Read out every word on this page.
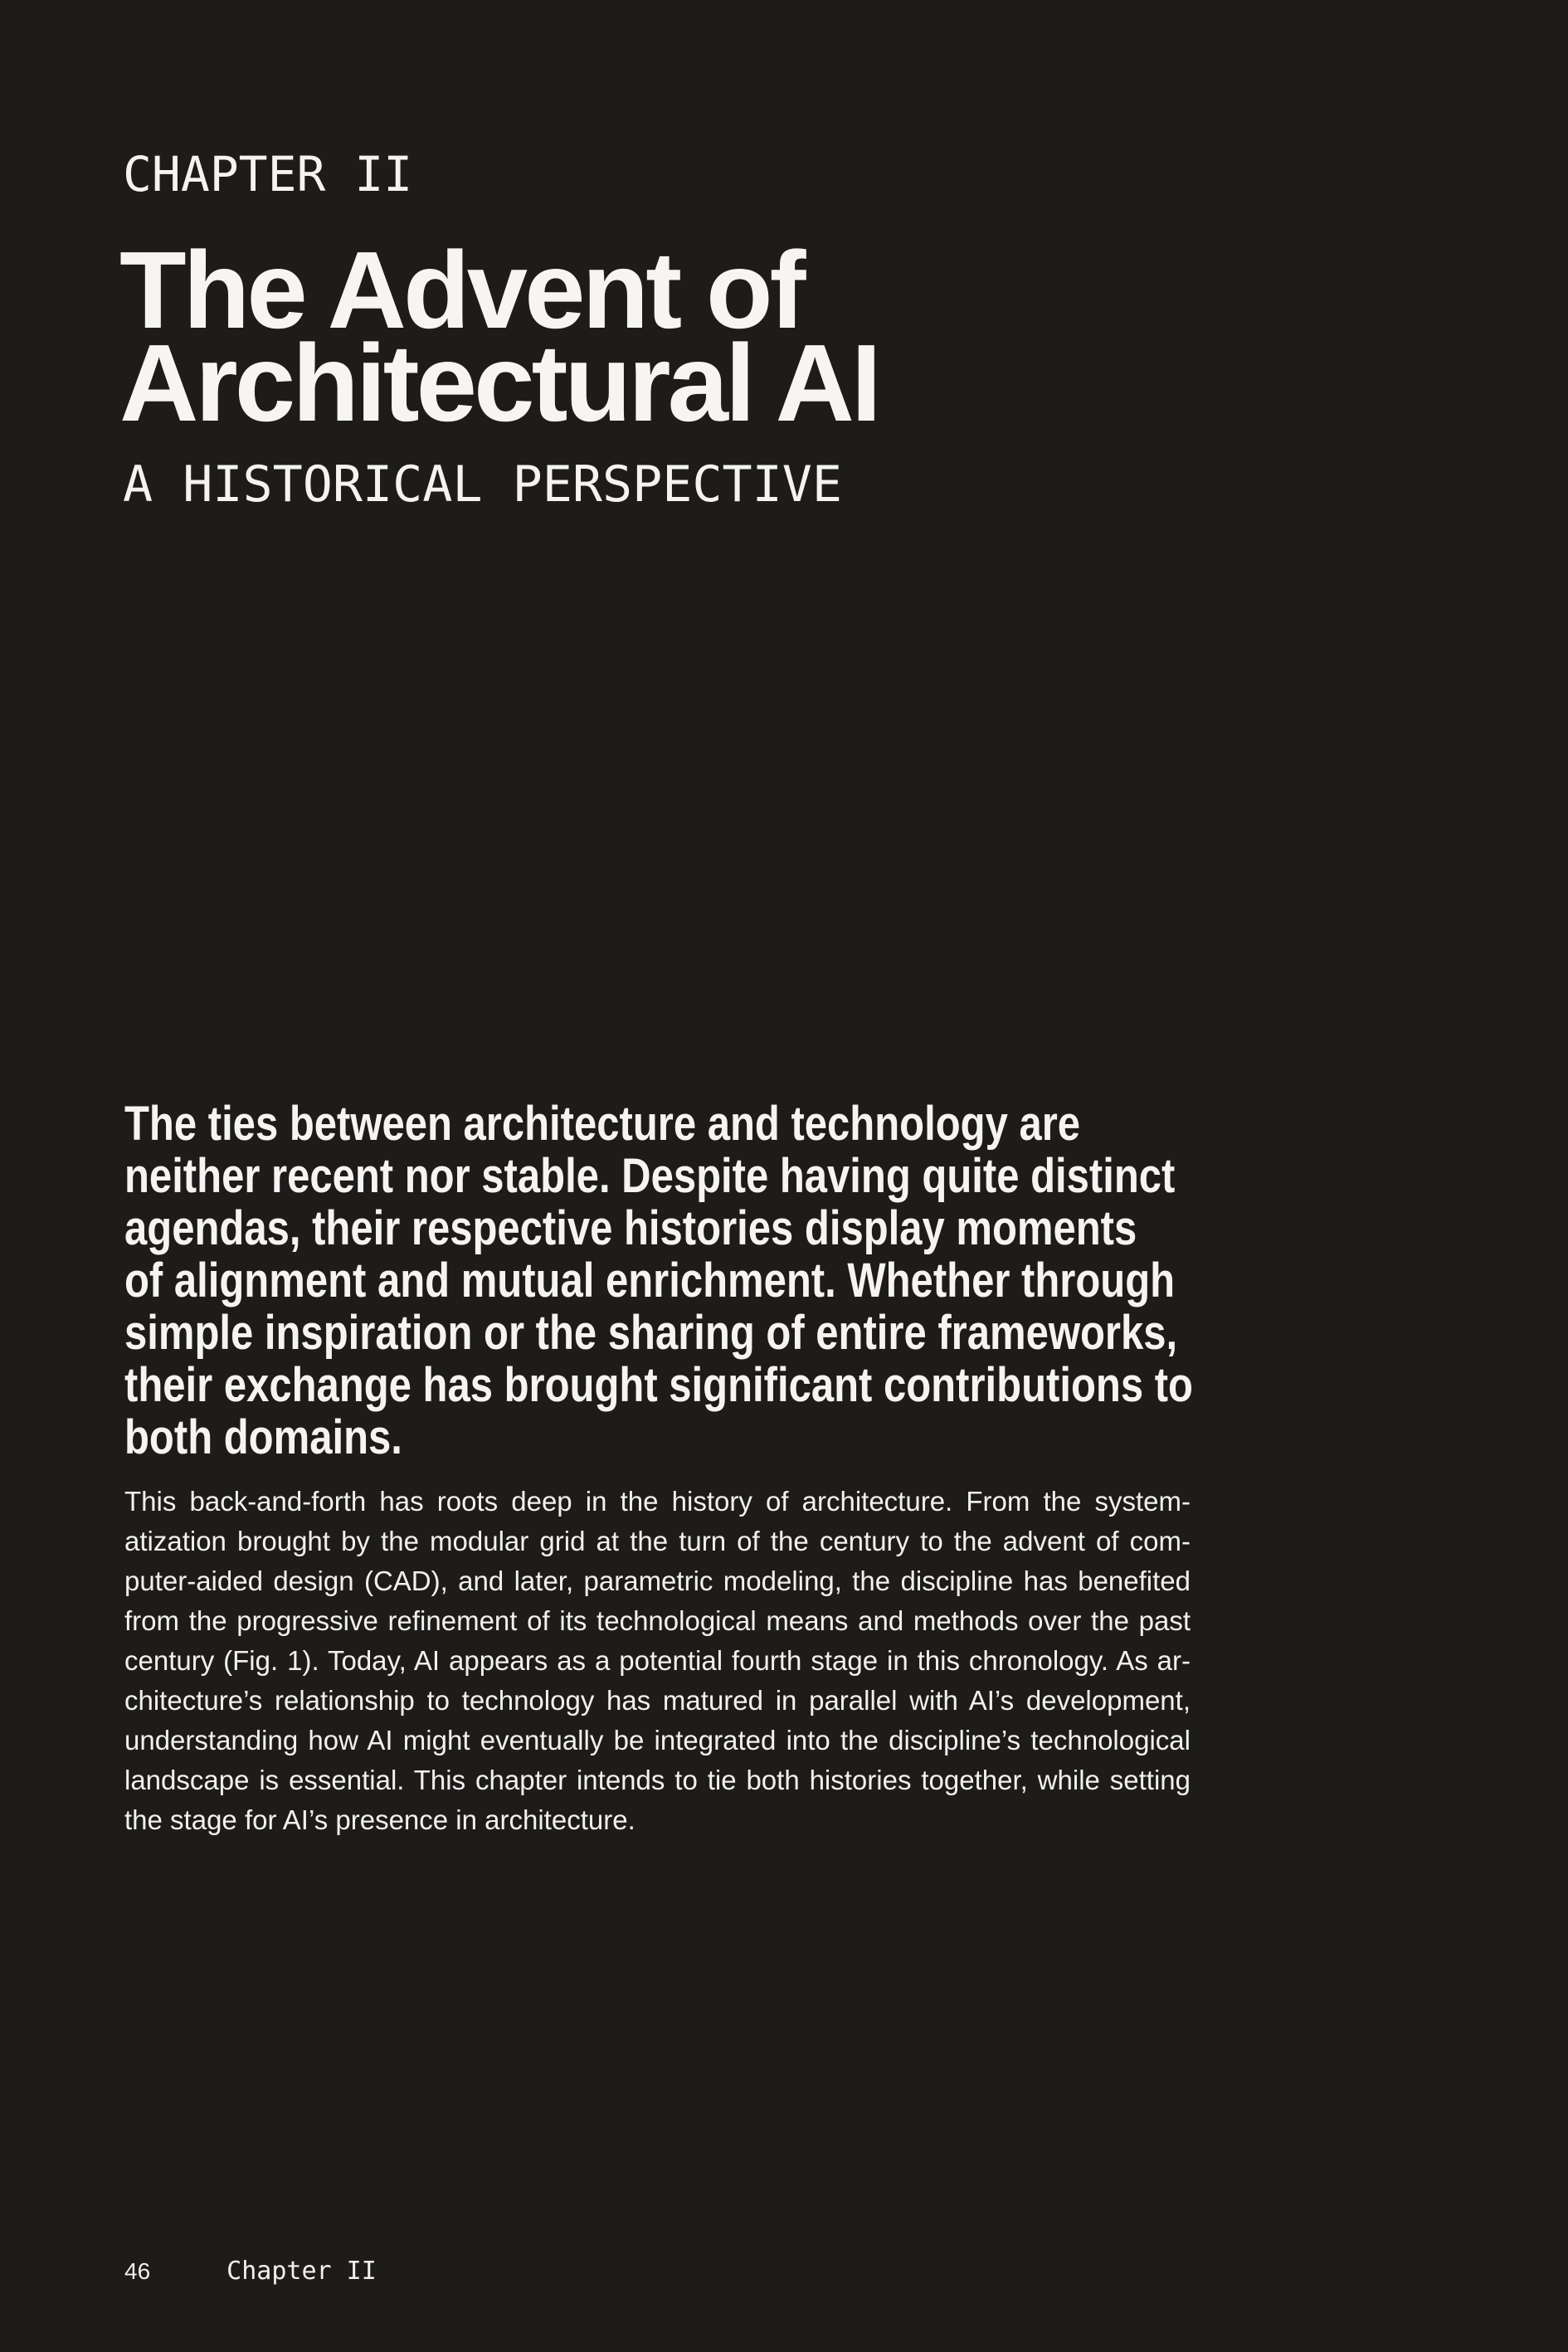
CHAPTER II
The Advent of
Architectural AI
A HISTORICAL PERSPECTIVE
The ties between architecture and technology are
neither recent nor stable. Despite having quite distinct
agendas, their respective histories display moments
of alignment and mutual enrichment. Whether through
simple inspiration or the sharing of entire frameworks,
their exchange has brought significant contributions to
both domains.
This back-and-forth has roots deep in the history of architecture. From the system-
atization brought by the modular grid at the turn of the century to the advent of com-
puter-aided design (CAD), and later, parametric modeling, the discipline has benefited
from the progressive refinement of its technological means and methods over the past
century (Fig. 1). Today, AI appears as a potential fourth stage in this chronology. As ar-
chitecture’s relationship to technology has matured in parallel with AI’s development,
understanding how AI might eventually be integrated into the discipline’s technological
landscape is essential. This chapter intends to tie both histories together, while setting
the stage for AI’s presence in architecture.
46	Chapter II
